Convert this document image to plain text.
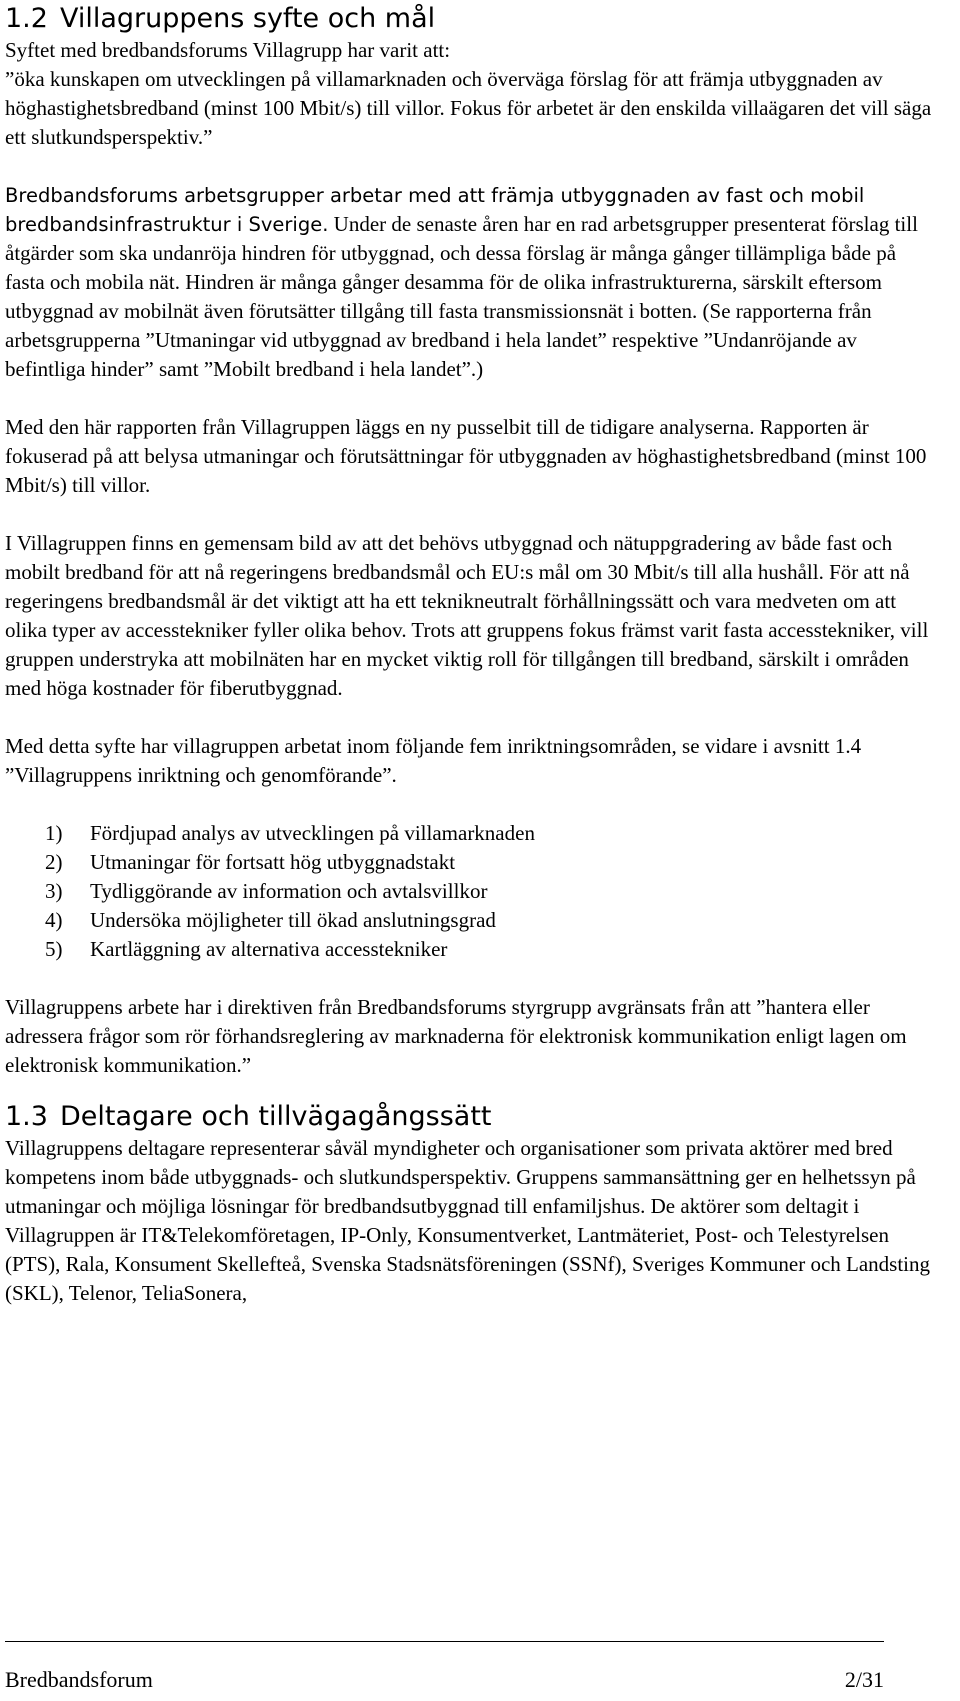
1.2 Villagruppens syfte och mål

Syftet med bredbandsforums Villagrupp har varit att:

”öka kunskapen om utvecklingen på villamarknaden och överväga förslag för att främja utbyggnaden av höghastighetsbredband (minst 100 Mbit/s) till villor. Fokus för arbetet är den enskilda villaägaren det vill säga ett slutkundsperspektiv.”

Bredbandsforums arbetsgrupper arbetar med att främja utbyggnaden av fast och mobil bredbandsinfrastruktur i Sverige. Under de senaste åren har en rad arbetsgrupper presenterat förslag till åtgärder som ska undanröja hindren för utbyggnad, och dessa förslag är många gånger tillämpliga både på fasta och mobila nät. Hindren är många gånger desamma för de olika infrastrukturerna, särskilt eftersom utbyggnad av mobilnät även förutsätter tillgång till fasta transmissionsnät i botten. (Se rapporterna från arbetsgrupperna ”Utmaningar vid utbyggnad av bredband i hela landet” respektive ”Undanröjande av befintliga hinder” samt ”Mobilt bredband i hela landet”.)

Med den här rapporten från Villagruppen läggs en ny pusselbit till de tidigare analyserna. Rapporten är fokuserad på att belysa utmaningar och förutsättningar för utbyggnaden av höghastighetsbredband (minst 100 Mbit/s) till villor.

I Villagruppen finns en gemensam bild av att det behövs utbyggnad och nätuppgradering av både fast och mobilt bredband för att nå regeringens bredbandsmål och EU:s mål om 30 Mbit/s till alla hushåll. För att nå regeringens bredbandsmål är det viktigt att ha ett teknikneutralt förhållningssätt och vara medveten om att olika typer av accesstekniker fyller olika behov. Trots att gruppens fokus främst varit fasta accesstekniker, vill gruppen understryka att mobilnäten har en mycket viktig roll för tillgången till bredband, särskilt i områden med höga kostnader för fiberutbyggnad.

Med detta syfte har villagruppen arbetat inom följande fem inriktningsområden, se vidare i avsnitt 1.4 ”Villagruppens inriktning och genomförande”.

1)	Fördjupad analys av utvecklingen på villamarknaden
2)	Utmaningar för fortsatt hög utbyggnadstakt
3)	Tydliggörande av information och avtalsvillkor
4)	Undersöka möjligheter till ökad anslutningsgrad
5)	Kartläggning av alternativa accesstekniker

Villagruppens arbete har i direktiven från Bredbandsforums styrgrupp avgränsats från att ”hantera eller adressera frågor som rör förhandsreglering av marknaderna för elektronisk kommunikation enligt lagen om elektronisk kommunikation.”

1.3 Deltagare och tillvägagångssätt

Villagruppens deltagare representerar såväl myndigheter och organisationer som privata aktörer med bred kompetens inom både utbyggnads- och slutkundsperspektiv. Gruppens sammansättning ger en helhetssyn på utmaningar och möjliga lösningar för bredbandsutbyggnad till enfamiljshus. De aktörer som deltagit i Villagruppen är IT&Telekomföretagen, IP-Only, Konsumentverket, Lantmäteriet, Post- och Telestyrelsen (PTS), Rala, Konsument Skellefteå, Svenska Stadsnätsföreningen (SSNf), Sveriges Kommuner och Landsting (SKL), Telenor, TeliaSonera,

Bredbandsforum	2/31
